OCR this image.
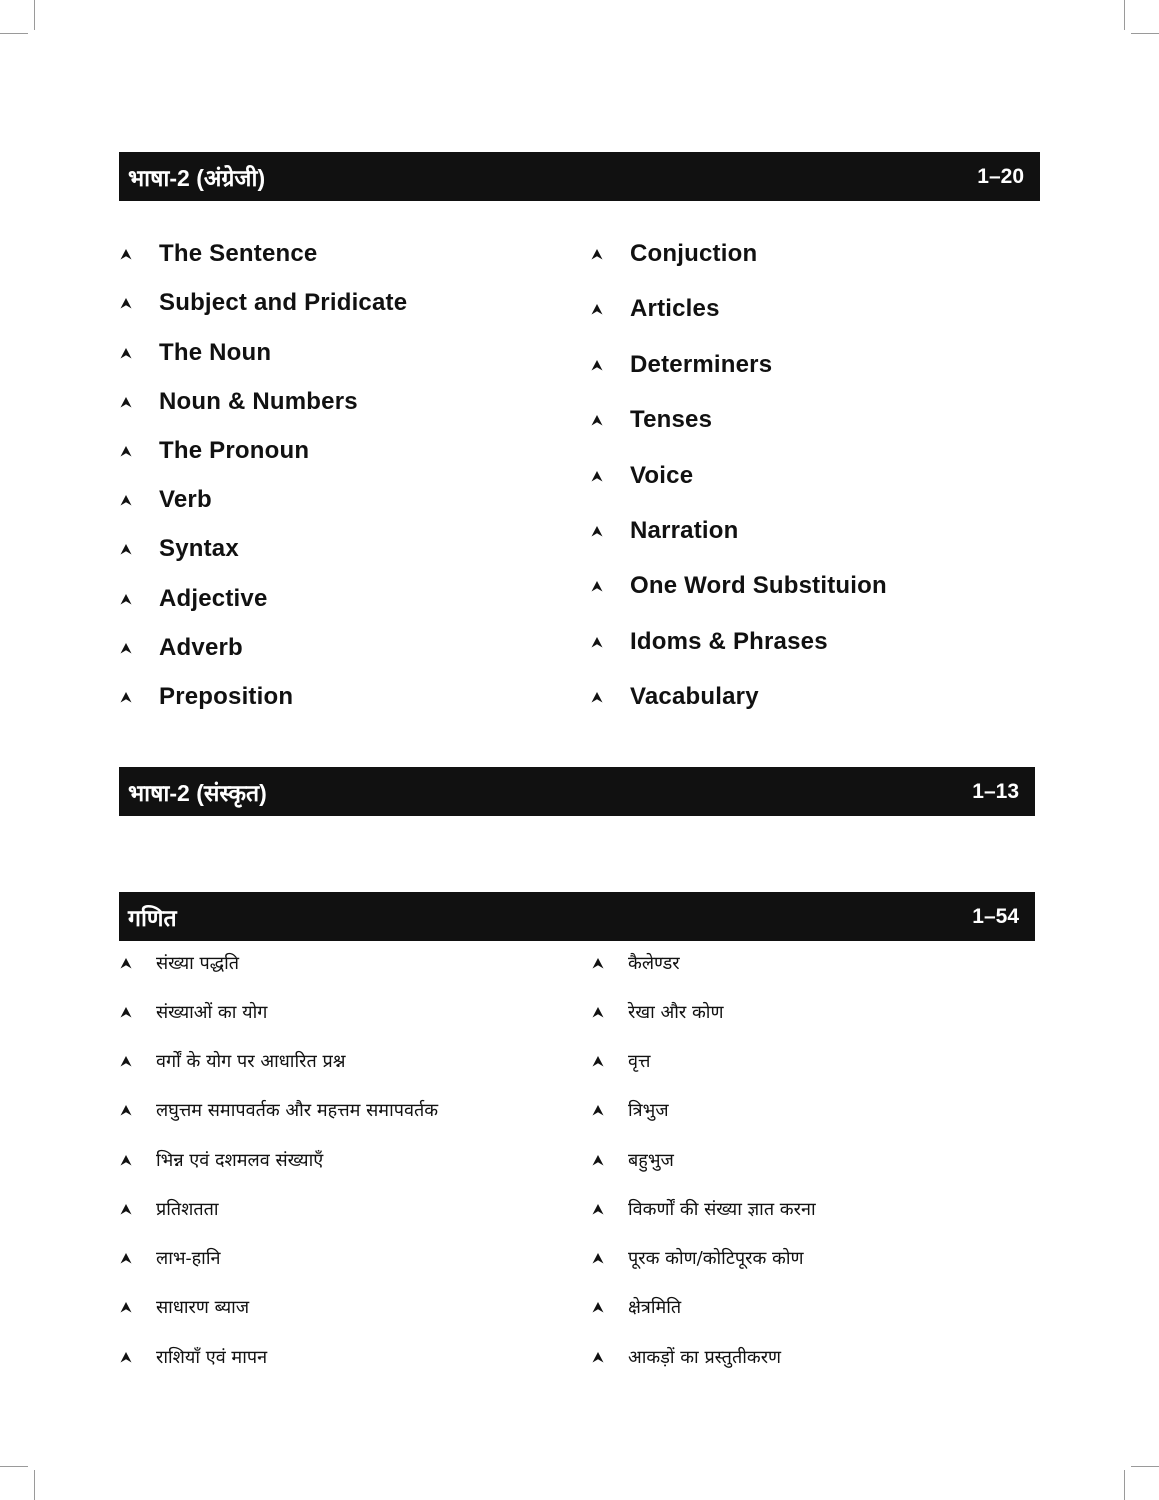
भाषा-2 (अंग्रेजी)	1–20
The Sentence
Subject and Pridicate
The Noun
Noun & Numbers
The Pronoun
Verb
Syntax
Adjective
Adverb
Preposition
Conjuction
Articles
Determiners
Tenses
Voice
Narration
One Word Substituion
Idoms & Phrases
Vacabulary
भाषा-2 (संस्कृत)	1–13
गणित	1–54
संख्या पद्धति
संख्याओं का योग
वर्गों के योग पर आधारित प्रश्न
लघुत्तम समापवर्तक और महत्तम समापवर्तक
भिन्न एवं दशमलव संख्याएँ
प्रतिशतता
लाभ-हानि
साधारण ब्याज
राशियाँ एवं मापन
कैलेण्डर
रेखा और कोण
वृत्त
त्रिभुज
बहुभुज
विकर्णों की संख्या ज्ञात करना
पूरक कोण/कोटिपूरक कोण
क्षेत्रमिति
आकड़ों का प्रस्तुतीकरण
